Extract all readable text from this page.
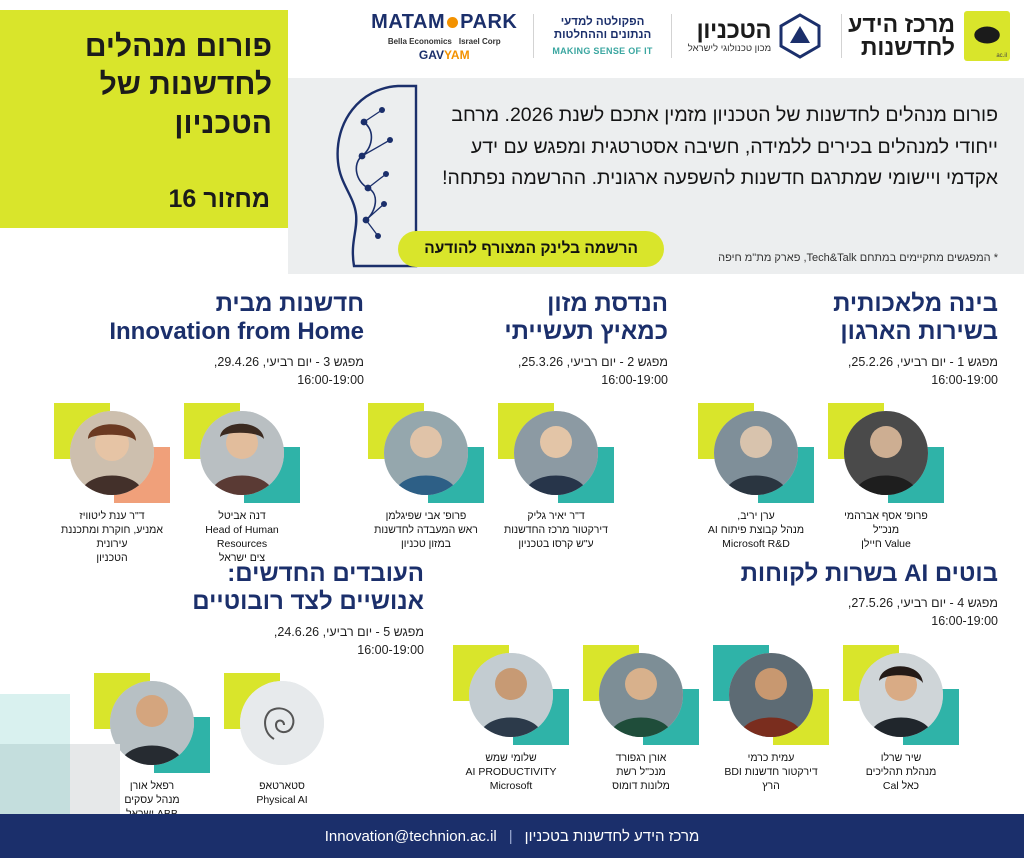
MATAM PARK
Bella Economics Israel Corp
GAVYAM
הפקולטה למדעי
הנתונים וההחלטות
MAKING SENSE OF IT
הטכניון
מכון טכנולוגי לישראל
מרכז הידע
לחדשנות ⬬
ac.il
פורום מנהלים לחדשנות של הטכניון
מחזור 16
פורום מנהלים לחדשנות של הטכניון מזמין אתכם לשנת 2026. מרחב ייחודי למנהלים בכירים ללמידה, חשיבה אסטרטגית ומפגש עם ידע אקדמי ויישומי שמתרגם חדשנות להשפעה ארגונית. ההרשמה נפתחה!
הרשמה בלינק המצורף להודעה
* המפגשים מתקיימים במתחם Tech&Talk, פארק מת"מ חיפה
בינה מלאכותית
בשירות הארגון
מפגש 1 - יום רביעי, 25.2.26,
16:00-19:00
ערן יריב,
מנהל קבוצת פיתוח AI
Microsoft R&D
פרופ' אסף אברהמי
מנכ"ל
Value חיילן
הנדסת מזון
כמאיץ תעשייתי
מפגש 2 - יום רביעי, 25.3.26,
16:00-19:00
פרופ' אבי שפיגלמן
ראש המעבדה לחדשנות
במזון טכניון
ד"ר יאיר גליק
דירקטור מרכז החדשנות
ע"ש קרסו בטכניון
חדשנות מבית
Innovation from Home
מפגש 3 - יום רביעי, 29.4.26,
16:00-19:00
ד"ר ענת ליטוויז
אמניע, חוקרת ומתכננת עירונית
הטכניון
דנה אביטל
Head of Human Resources
צים ישראל
בוטים AI בשרות לקוחות
מפגש 4 - יום רביעי, 27.5.26,
16:00-19:00
שלומי שמש
AI PRODUCTIVITY
Microsoft
אורן רגפורד
מנכ"ל רשת
מלונות דומוס
עמית כרמי
דירקטור חדשנות BDI
הרץ
שיר שרלו
מנהלת תהליכים
כאל Cal
העובדים החדשים:
אנושיים לצד רובוטיים
מפגש 5 - יום רביעי, 24.6.26,
16:00-19:00
רפאל אורן
מנהל עסקים
סטארטאפ
Physical AI
מרכז הידע לחדשנות בטכניון
|
Innovation@technion.ac.il
